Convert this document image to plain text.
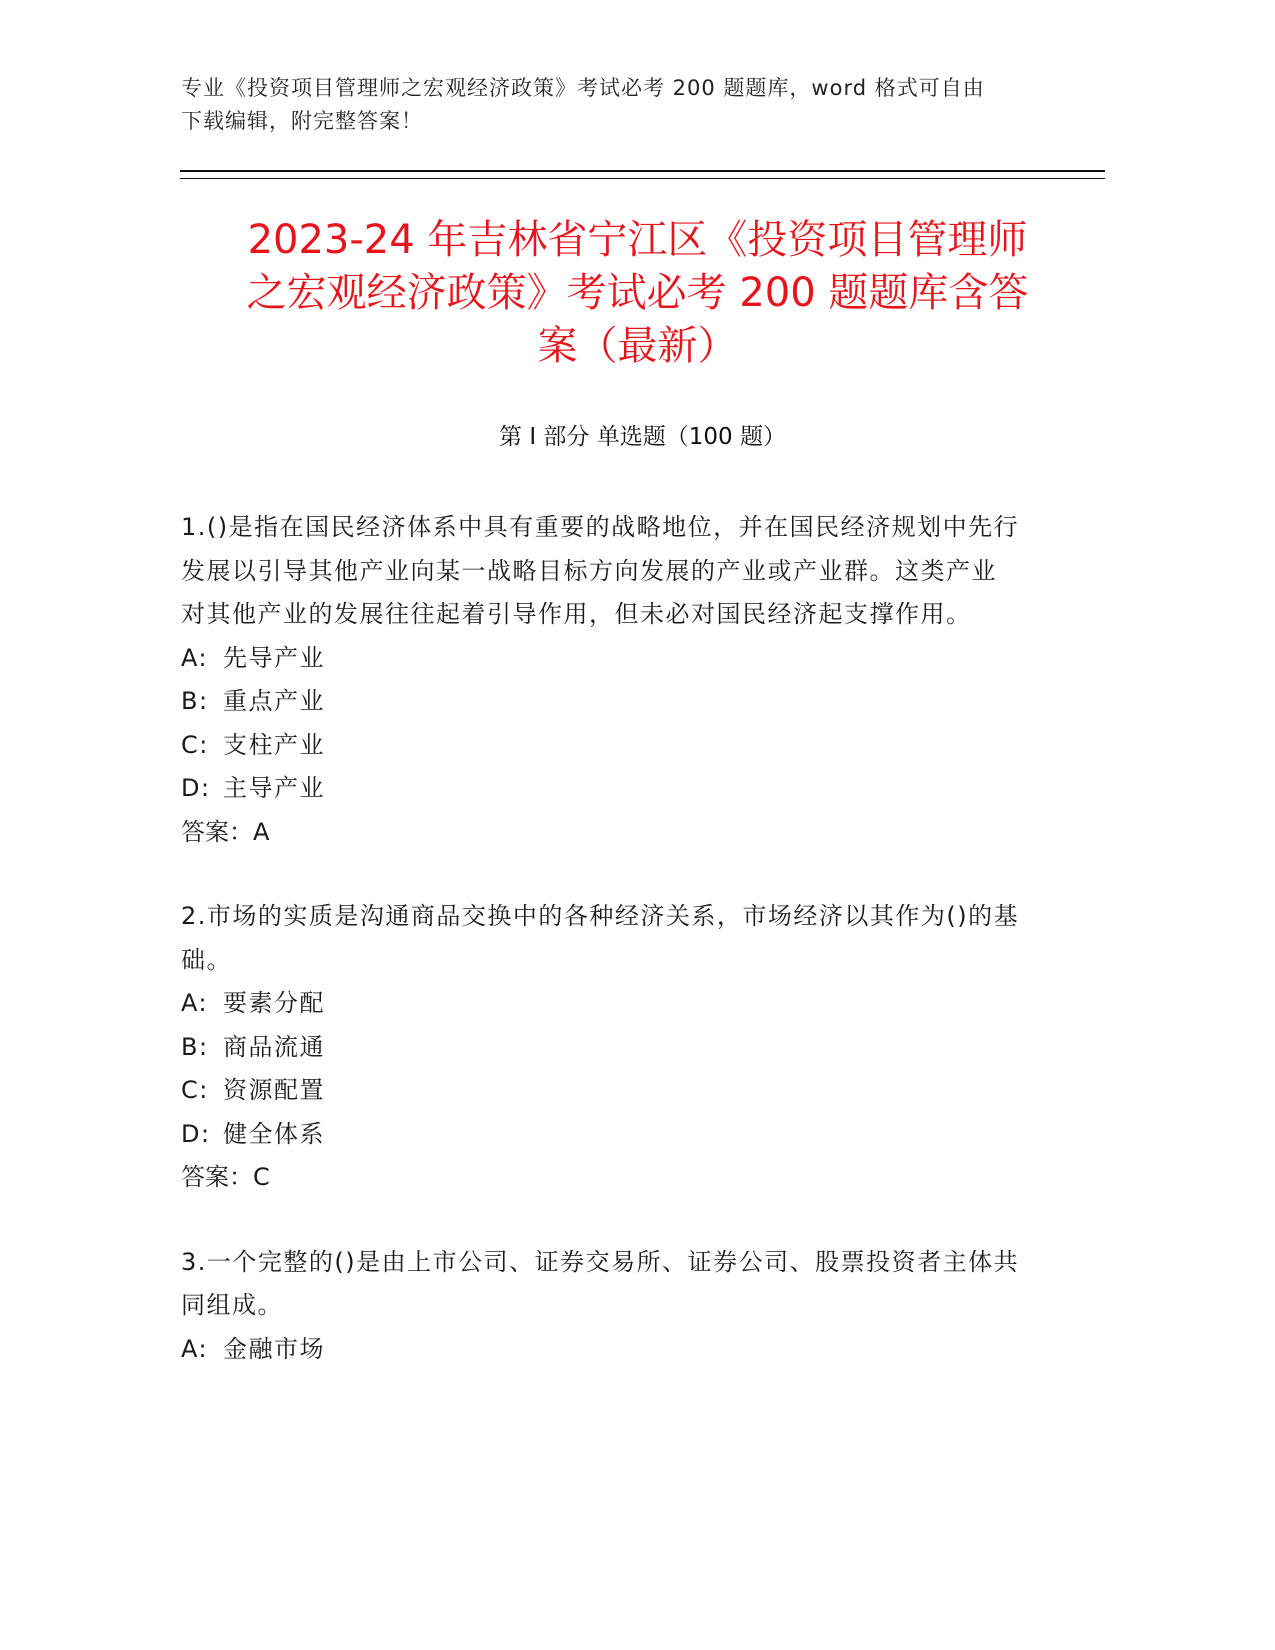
专业《投资项目管理师之宏观经济政策》考试必考 200 题题库，word 格式可自由
下载编辑，附完整答案！
2023-24 年吉林省宁江区《投资项目管理师
之宏观经济政策》考试必考 200 题题库含答
案（最新）
第 I 部分 单选题（100 题）

1.()是指在国民经济体系中具有重要的战略地位，并在国民经济规划中先行发展以引导其他产业向某一战略目标方向发展的产业或产业群。这类产业对其他产业的发展往往起着引导作用，但未必对国民经济起支撑作用。

A: 先导产业

B: 重点产业

C: 支柱产业

D: 主导产业

答案：A

2.市场的实质是沟通商品交换中的各种经济关系，市场经济以其作为()的基础。

A: 要素分配

B: 商品流通

C: 资源配置

D: 健全体系

答案：C

3.一个完整的()是由上市公司、证券交易所、证券公司、股票投资者主体共同组成。

A: 金融市场
